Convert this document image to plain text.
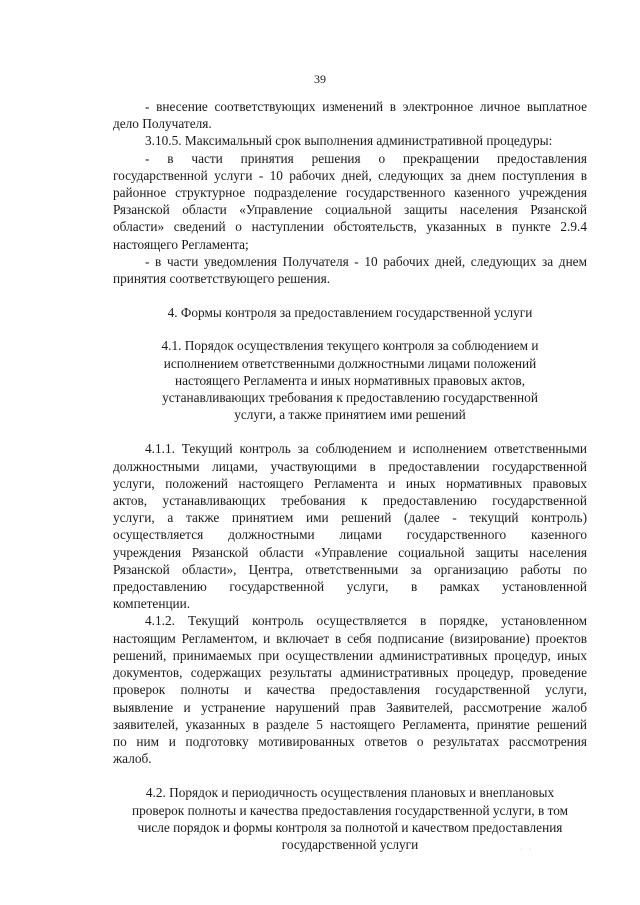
39

- внесение соответствующих изменений в электронное личное выплатное

дело Получателя.

3.10.5. Максимальный срок выполнения административной процедуры:

- в части принятия решения о прекращении предоставления

государственной услуги - 10 рабочих дней, следующих за днем поступления в

районное структурное подразделение государственного казенного учреждения

Рязанской области «Управление социальной защиты населения Рязанской

области» сведений о наступлении обстоятельств, указанных в пункте 2.9.4

настоящего Регламента;

- в части уведомления Получателя - 10 рабочих дней, следующих за днем

принятия соответствующего решения.

4. Формы контроля за предоставлением государственной услуги

4.1. Порядок осуществления текущего контроля за соблюдением и

исполнением ответственными должностными лицами положений

настоящего Регламента и иных нормативных правовых актов,

устанавливающих требования к предоставлению государственной

услуги, а также принятием ими решений

4.1.1. Текущий контроль за соблюдением и исполнением ответственными

должностными лицами, участвующими в предоставлении государственной

услуги, положений настоящего Регламента и иных нормативных правовых

актов, устанавливающих требования к предоставлению государственной

услуги, а также принятием ими решений (далее - текущий контроль)

осуществляется должностными лицами государственного казенного

учреждения Рязанской области «Управление социальной защиты населения

Рязанской области», Центра, ответственными за организацию работы по

предоставлению государственной услуги, в рамках установленной

компетенции.

4.1.2. Текущий контроль осуществляется в порядке, установленном

настоящим Регламентом, и включает в себя подписание (визирование) проектов

решений, принимаемых при осуществлении административных процедур, иных

документов, содержащих результаты административных процедур, проведение

проверок полноты и качества предоставления государственной услуги,

выявление и устранение нарушений прав Заявителей, рассмотрение жалоб

заявителей, указанных в разделе 5 настоящего Регламента, принятие решений

по ним и подготовку мотивированных ответов о результатах рассмотрения

жалоб.

4.2. Порядок и периодичность осуществления плановых и внеплановых

проверок полноты и качества предоставления государственной услуги, в том

числе порядок и формы контроля за полнотой и качеством предоставления

государственной услуги	· ·
